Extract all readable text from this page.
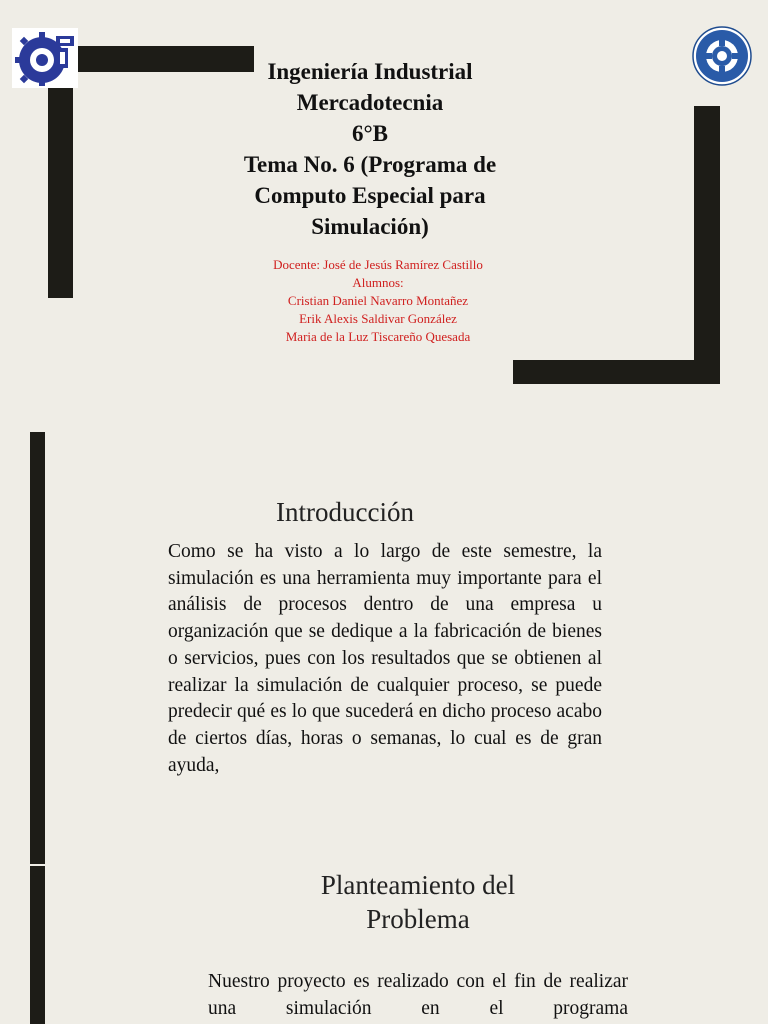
Ingeniería Industrial
Mercadotecnia
6°B
Tema No. 6 (Programa de
Computo Especial para
Simulación)
Docente: José de Jesús Ramírez Castillo
Alumnos:
Cristian Daniel Navarro Montañez
Erik Alexis Saldivar González
Maria de la Luz Tiscareño Quesada
Introducción
Como se ha visto a lo largo de este semestre, la simulación es una herramienta muy importante para el análisis de procesos dentro de una empresa u organización que se dedique a la fabricación de bienes o servicios, pues con los resultados que se obtienen al realizar la simulación de cualquier proceso, se puede predecir qué es lo que sucederá en dicho proceso acabo de ciertos días, horas o semanas, lo cual es de gran ayuda,
Planteamiento del
Problema
Nuestro proyecto es realizado con el fin de realizar una simulación en el programa
